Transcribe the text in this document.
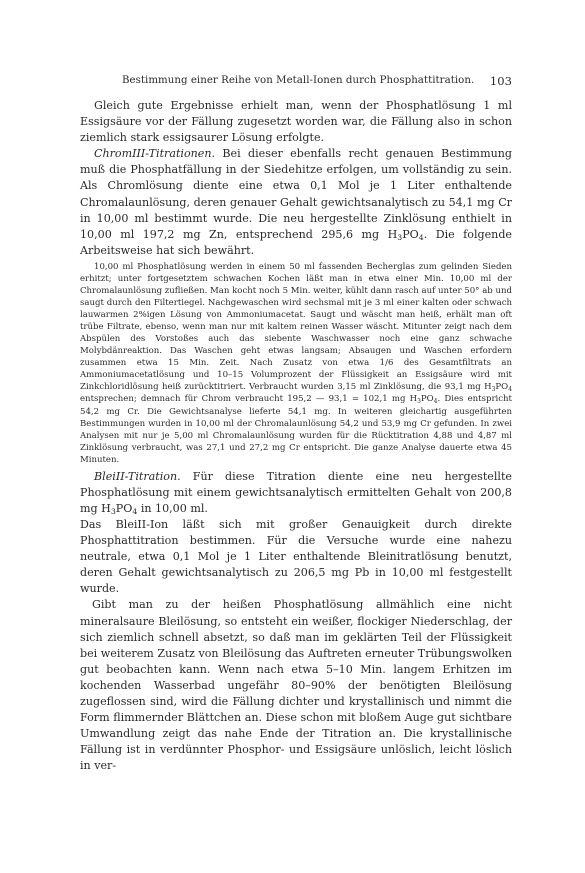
Bestimmung einer Reihe von Metall-Ionen durch Phosphattitration. 103

Gleich gute Ergebnisse erhielt man, wenn der Phosphatlösung 1 ml Essigsäure vor der Fällung zugesetzt worden war, die Fällung also in schon ziemlich stark essigsaurer Lösung erfolgte.

ChromIII-Titrationen. Bei dieser ebenfalls recht genauen Bestimmung muß die Phosphatfällung in der Siedehitze erfolgen, um vollständig zu sein. Als Chromlösung diente eine etwa 0,1 Mol je 1 Liter enthaltende Chromalaunlösung, deren genauer Gehalt gewichtsanalytisch zu 54,1 mg Cr in 10,00 ml bestimmt wurde. Die neu hergestellte Zinklösung enthielt in 10,00 ml 197,2 mg Zn, entsprechend 295,6 mg $H_3PO_4$. Die folgende Arbeitsweise hat sich bewährt.

10,00 ml Phosphatlösung werden in einem 50 ml fassenden Becherglas zum gelinden Sieden erhitzt; unter fortgesetztem schwachen Kochen läßt man in etwa einer Min. 10,00 ml der Chromalaunlösung zufließen. Man kocht noch 5 Min. weiter, kühlt dann rasch auf unter 50° ab und saugt durch den Filtertiegel. Nachgewaschen wird sechsmal mit je 3 ml einer kalten oder schwach lauwarmen 2%igen Lösung von Ammoniumacetat. Saugt und wäscht man heiß, erhält man oft trübe Filtrate, ebenso, wenn man nur mit kaltem reinen Wasser wäscht. Mitunter zeigt nach dem Abspülen des Vorstoßes auch das siebente Waschwasser noch eine ganz schwache Molybdänreaktion. Das Waschen geht etwas langsam; Absaugen und Waschen erfordern zusammen etwa 15 Min. Zeit. Nach Zusatz von etwa 1/6 des Gesamtfiltrats an Ammoniumacetatlösung und 10–15 Volumprozent der Flüssigkeit an Essigsäure wird mit Zinkchloridlösung heiß zurücktitriert. Verbraucht wurden 3,15 ml Zinklösung, die 93,1 mg $H_3PO_4$ entsprechen; demnach für Chrom verbraucht 195,2 — 93,1 = 102,1 mg $H_3PO_4$. Dies entspricht 54,2 mg Cr. Die Gewichtsanalyse lieferte 54,1 mg. In weiteren gleichartig ausgeführten Bestimmungen wurden in 10,00 ml der Chromalaunlösung 54,2 und 53,9 mg Cr gefunden. In zwei Analysen mit nur je 5,00 ml Chromalaunlösung wurden für die Rücktitration 4,88 und 4,87 ml Zinklösung verbraucht, was 27,1 und 27,2 mg Cr entspricht. Die ganze Analyse dauerte etwa 45 Minuten.

BleiII-Titration. Für diese Titration diente eine neu hergestellte Phosphatlösung mit einem gewichtsanalytisch ermittelten Gehalt von 200,8 mg $H_3PO_4$ in 10,00 ml.

Das BleiII-Ion läßt sich mit großer Genauigkeit durch direkte Phosphattitration bestimmen. Für die Versuche wurde eine nahezu neutrale, etwa 0,1 Mol je 1 Liter enthaltende Bleinitratlösung benutzt, deren Gehalt gewichtsanalytisch zu 206,5 mg Pb in 10,00 ml festgestellt wurde.

Gibt man zu der heißen Phosphatlösung allmählich eine nicht mineralsaure Bleilösung, so entsteht ein weißer, flockiger Niederschlag, der sich ziemlich schnell absetzt, so daß man im geklärten Teil der Flüssigkeit bei weiterem Zusatz von Bleilösung das Auftreten erneuter Trübungswolken gut beobachten kann. Wenn nach etwa 5–10 Min. langem Erhitzen im kochenden Wasserbad ungefähr 80–90% der benötigten Bleilösung zugeflossen sind, wird die Fällung dichter und krystallinisch und nimmt die Form flimmernder Blättchen an. Diese schon mit bloßem Auge gut sichtbare Umwandlung zeigt das nahe Ende der Titration an. Die krystallinische Fällung ist in verdünnter Phosphor- und Essigsäure unlöslich, leicht löslich in ver-
